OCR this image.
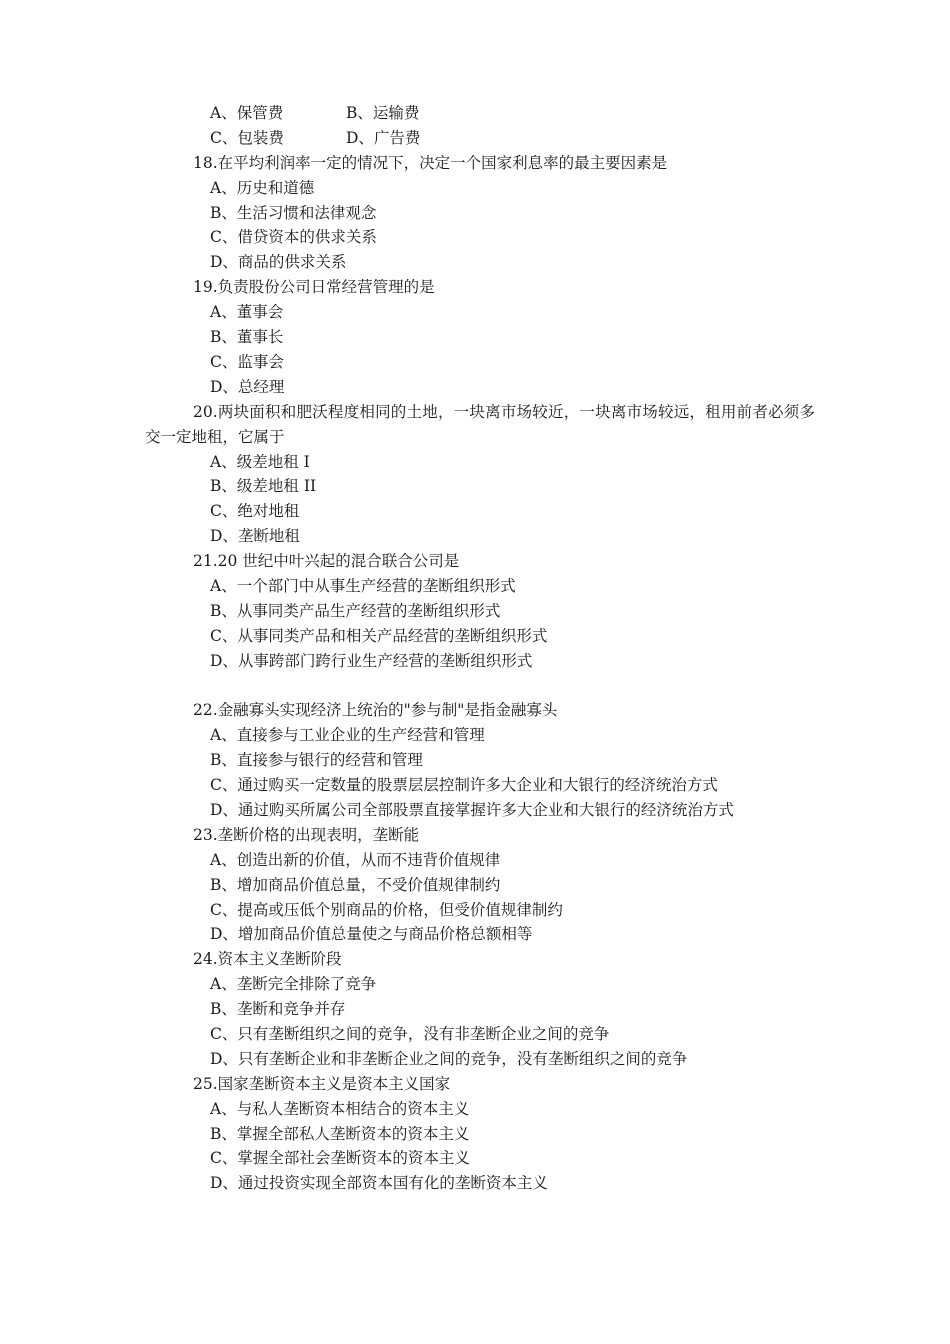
A、保管费	B、运输费
C、包装费	D、广告费
18.在平均利润率一定的情况下，决定一个国家利息率的最主要因素是
A、历史和道德
B、生活习惯和法律观念
C、借贷资本的供求关系
D、商品的供求关系
19.负责股份公司日常经营管理的是
A、董事会
B、董事长
C、监事会
D、总经理
20.两块面积和肥沃程度相同的土地，一块离市场较近，一块离市场较远，租用前者必须多交一定地租，它属于
A、级差地租 I
B、级差地租 II
C、绝对地租
D、垄断地租
21.20 世纪中叶兴起的混合联合公司是
A、一个部门中从事生产经营的垄断组织形式
B、从事同类产品生产经营的垄断组织形式
C、从事同类产品和相关产品经营的垄断组织形式
D、从事跨部门跨行业生产经营的垄断组织形式
22.金融寡头实现经济上统治的"参与制"是指金融寡头
A、直接参与工业企业的生产经营和管理
B、直接参与银行的经营和管理
C、通过购买一定数量的股票层层控制许多大企业和大银行的经济统治方式
D、通过购买所属公司全部股票直接掌握许多大企业和大银行的经济统治方式
23.垄断价格的出现表明，垄断能
A、创造出新的价值，从而不违背价值规律
B、增加商品价值总量，不受价值规律制约
C、提高或压低个别商品的价格，但受价值规律制约
D、增加商品价值总量使之与商品价格总额相等
24.资本主义垄断阶段
A、垄断完全排除了竞争
B、垄断和竞争并存
C、只有垄断组织之间的竞争，没有非垄断企业之间的竞争
D、只有垄断企业和非垄断企业之间的竞争，没有垄断组织之间的竞争
25.国家垄断资本主义是资本主义国家
A、与私人垄断资本相结合的资本主义
B、掌握全部私人垄断资本的资本主义
C、掌握全部社会垄断资本的资本主义
D、通过投资实现全部资本国有化的垄断资本主义
